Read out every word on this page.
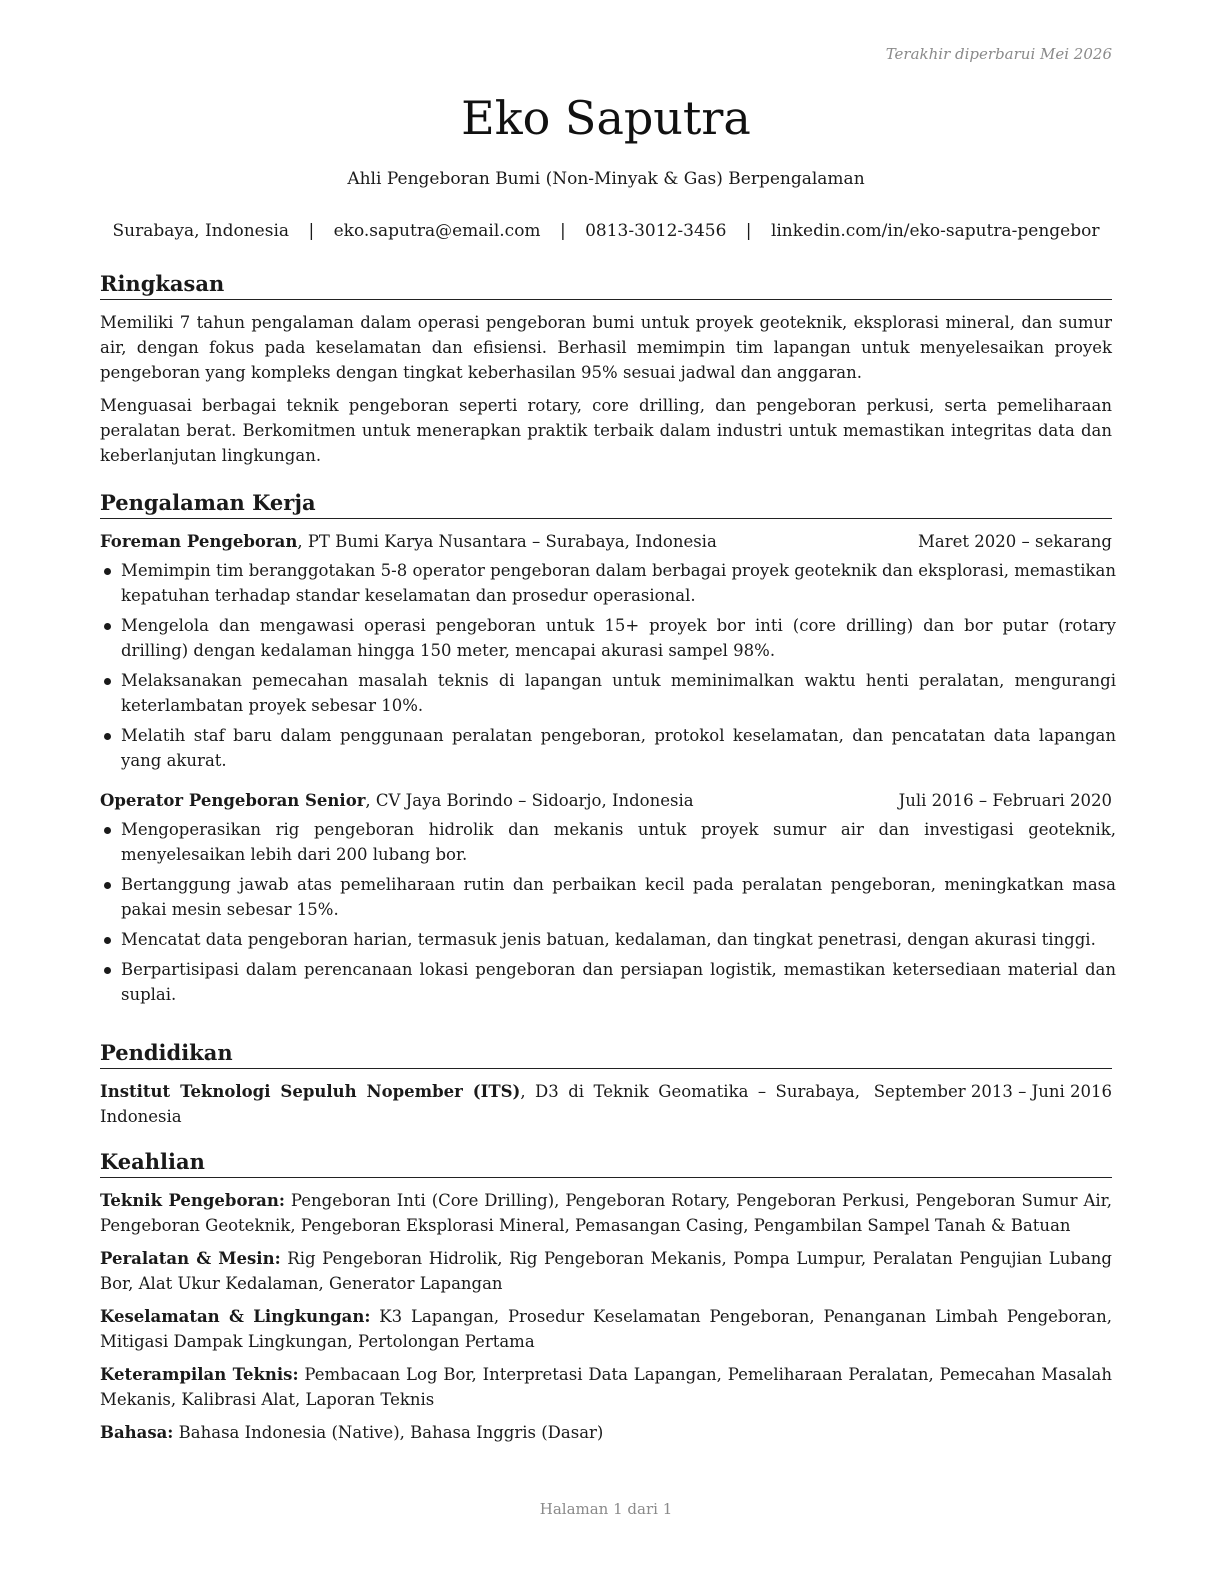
Terakhir diperbarui Mei 2026
Eko Saputra
Ahli Pengeboran Bumi (Non-Minyak & Gas) Berpengalaman
Surabaya, Indonesia | eko.saputra@email.com | 0813-3012-3456 | linkedin.com/in/eko-saputra-pengebor
Ringkasan

Memiliki 7 tahun pengalaman dalam operasi pengeboran bumi untuk proyek geoteknik, eksplorasi mineral, dan sumur air, dengan fokus pada keselamatan dan efisiensi. Berhasil memimpin tim lapangan untuk menyelesaikan proyek pengeboran yang kompleks dengan tingkat keberhasilan 95% sesuai jadwal dan anggaran.

Menguasai berbagai teknik pengeboran seperti rotary, core drilling, dan pengeboran perkusi, serta pemeliharaan peralatan berat. Berkomitmen untuk menerapkan praktik terbaik dalam industri untuk memastikan integritas data dan keberlanjutan lingkungan.

Pengalaman Kerja
Foreman Pengeboran, PT Bumi Karya Nusantara – Surabaya, Indonesia	Maret 2020 – sekarang
Memimpin tim beranggotakan 5-8 operator pengeboran dalam berbagai proyek geoteknik dan eksplorasi, memastikan kepatuhan terhadap standar keselamatan dan prosedur operasional.
Mengelola dan mengawasi operasi pengeboran untuk 15+ proyek bor inti (core drilling) dan bor putar (rotary drilling) dengan kedalaman hingga 150 meter, mencapai akurasi sampel 98%.
Melaksanakan pemecahan masalah teknis di lapangan untuk meminimalkan waktu henti peralatan, mengurangi keterlambatan proyek sebesar 10%.
Melatih staf baru dalam penggunaan peralatan pengeboran, protokol keselamatan, dan pencatatan data lapangan yang akurat.
Operator Pengeboran Senior, CV Jaya Borindo – Sidoarjo, Indonesia	Juli 2016 – Februari 2020
Mengoperasikan rig pengeboran hidrolik dan mekanis untuk proyek sumur air dan investigasi geoteknik, menyelesaikan lebih dari 200 lubang bor.
Bertanggung jawab atas pemeliharaan rutin dan perbaikan kecil pada peralatan pengeboran, meningkatkan masa pakai mesin sebesar 15%.
Mencatat data pengeboran harian, termasuk jenis batuan, kedalaman, dan tingkat penetrasi, dengan akurasi tinggi.
Berpartisipasi dalam perencanaan lokasi pengeboran dan persiapan logistik, memastikan ketersediaan material dan suplai.
Pendidikan
Institut Teknologi Sepuluh Nopember (ITS), D3 di Teknik Geomatika – Surabaya, Indonesia
September 2013 – Juni 2016
Keahlian

Teknik Pengeboran: Pengeboran Inti (Core Drilling), Pengeboran Rotary, Pengeboran Perkusi, Pengeboran Sumur Air, Pengeboran Geoteknik, Pengeboran Eksplorasi Mineral, Pemasangan Casing, Pengambilan Sampel Tanah & Batuan

Peralatan & Mesin: Rig Pengeboran Hidrolik, Rig Pengeboran Mekanis, Pompa Lumpur, Peralatan Pengujian Lubang Bor, Alat Ukur Kedalaman, Generator Lapangan

Keselamatan & Lingkungan: K3 Lapangan, Prosedur Keselamatan Pengeboran, Penanganan Limbah Pengeboran, Mitigasi Dampak Lingkungan, Pertolongan Pertama

Keterampilan Teknis: Pembacaan Log Bor, Interpretasi Data Lapangan, Pemeliharaan Peralatan, Pemecahan Masalah Mekanis, Kalibrasi Alat, Laporan Teknis

Bahasa: Bahasa Indonesia (Native), Bahasa Inggris (Dasar)

Halaman 1 dari 1
